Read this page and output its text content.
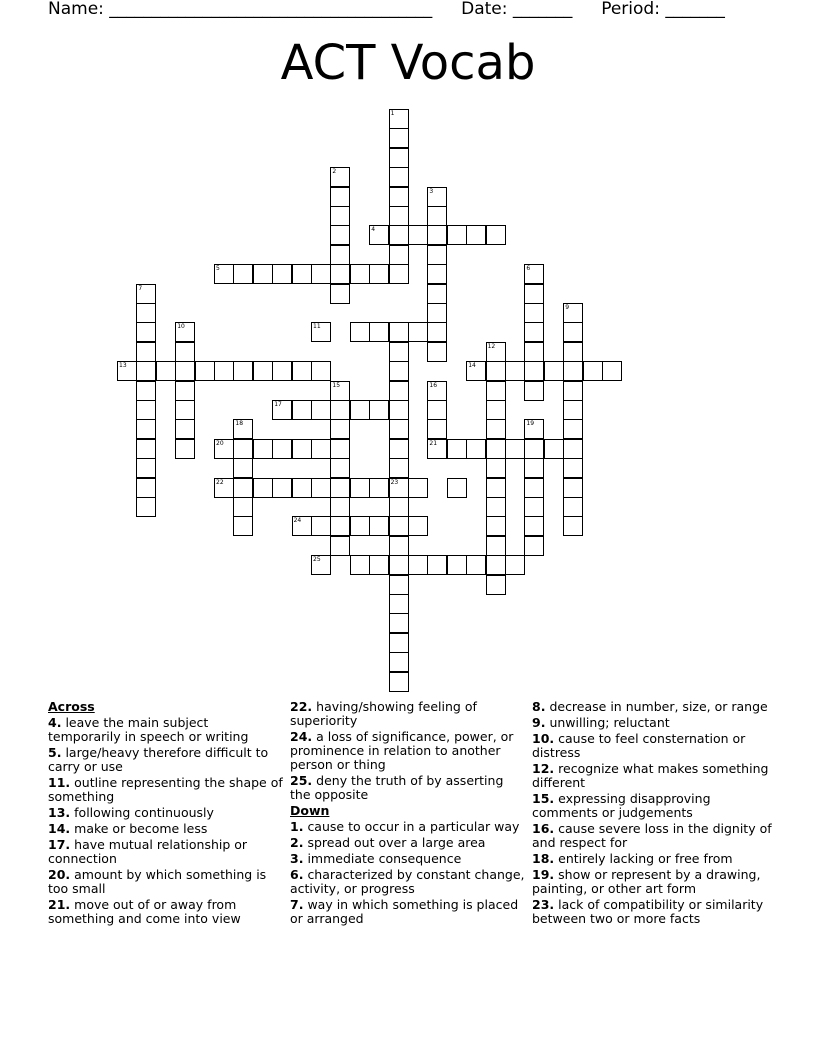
Name: ______________________________________ Date: _______ Period: _______
ACT Vocab
1
2
3
4
5	6
7
9
10	11
12
13	14
15	16
21
17
18	19
20
22	23
24
25
Across
4. leave the main subject temporarily in speech or writing
5. large/heavy therefore difficult to carry or use
11. outline representing the shape of something
13. following continuously
14. make or become less
17. have mutual relationship or connection
20. amount by which something is too small
21. move out of or away from something and come into view
22. having/showing feeling of superiority
24. a loss of significance, power, or prominence in relation to another person or thing
25. deny the truth of by asserting the opposite
Down
1. cause to occur in a particular way
2. spread out over a large area
3. immediate consequence
6. characterized by constant change, activity, or progress
7. way in which something is placed or arranged
8. decrease in number, size, or range
9. unwilling; reluctant
10. cause to feel consternation or distress
12. recognize what makes something different
15. expressing disapproving comments or judgements
16. cause severe loss in the dignity of and respect for
18. entirely lacking or free from
19. show or represent by a drawing, painting, or other art form
23. lack of compatibility or similarity between two or more facts
